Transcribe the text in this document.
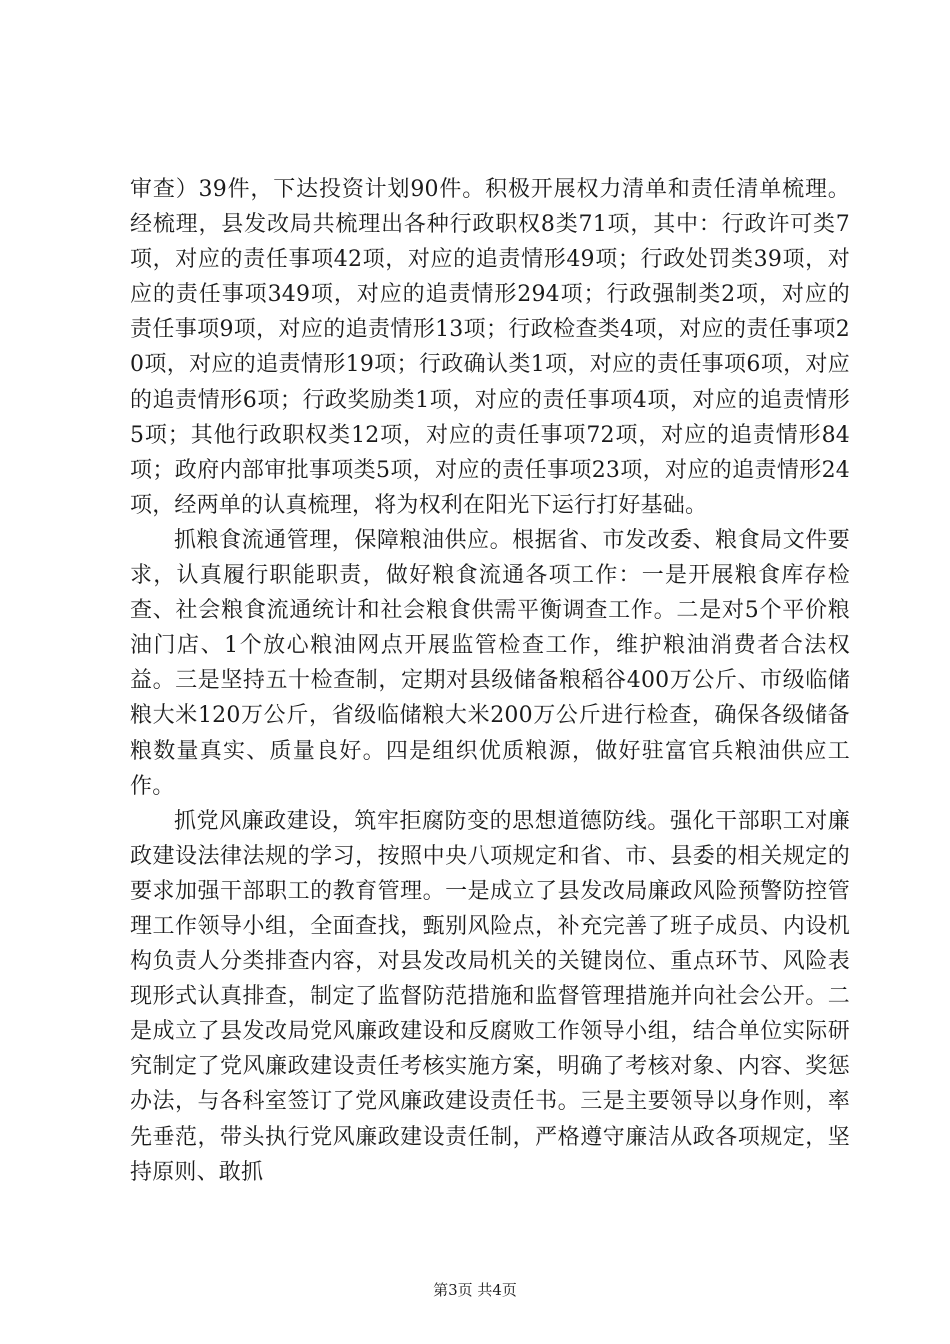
审查）39件，下达投资计划90件。积极开展权力清单和责任清单梳理。经梳理，县发改局共梳理出各种行政职权8类71项，其中：行政许可类7项，对应的责任事项42项，对应的追责情形49项；行政处罚类39项，对应的责任事项349项，对应的追责情形294项；行政强制类2项，对应的责任事项9项，对应的追责情形13项；行政检查类4项，对应的责任事项20项，对应的追责情形19项；行政确认类1项，对应的责任事项6项，对应的追责情形6项；行政奖励类1项，对应的责任事项4项，对应的追责情形5项；其他行政职权类12项，对应的责任事项72项，对应的追责情形84项；政府内部审批事项类5项，对应的责任事项23项，对应的追责情形24项，经两单的认真梳理，将为权利在阳光下运行打好基础。

抓粮食流通管理，保障粮油供应。根据省、市发改委、粮食局文件要求，认真履行职能职责，做好粮食流通各项工作：一是开展粮食库存检查、社会粮食流通统计和社会粮食供需平衡调查工作。二是对5个平价粮油门店、1个放心粮油网点开展监管检查工作，维护粮油消费者合法权益。三是坚持五十检查制，定期对县级储备粮稻谷400万公斤、市级临储粮大米120万公斤，省级临储粮大米200万公斤进行检查，确保各级储备粮数量真实、质量良好。四是组织优质粮源，做好驻富官兵粮油供应工作。

抓党风廉政建设，筑牢拒腐防变的思想道德防线。强化干部职工对廉政建设法律法规的学习，按照中央八项规定和省、市、县委的相关规定的要求加强干部职工的教育管理。一是成立了县发改局廉政风险预警防控管理工作领导小组，全面查找，甄别风险点，补充完善了班子成员、内设机构负责人分类排查内容，对县发改局机关的关键岗位、重点环节、风险表现形式认真排查，制定了监督防范措施和监督管理措施并向社会公开。二是成立了县发改局党风廉政建设和反腐败工作领导小组，结合单位实际研究制定了党风廉政建设责任考核实施方案，明确了考核对象、内容、奖惩办法，与各科室签订了党风廉政建设责任书。三是主要领导以身作则，率先垂范，带头执行党风廉政建设责任制，严格遵守廉洁从政各项规定，坚持原则、敢抓

第3页 共4页
